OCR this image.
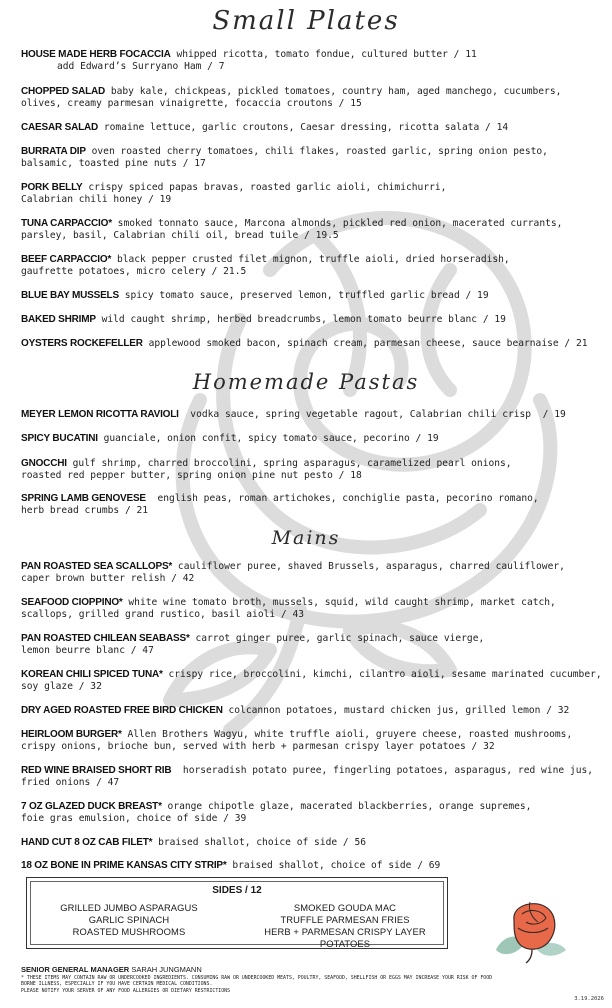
Small Plates
HOUSE MADE HERB FOCACCIA whipped ricotta, tomato fondue, cultured butter / 11
add Edward’s Surryano Ham / 7
CHOPPED SALAD baby kale, chickpeas, pickled tomatoes, country ham, aged manchego, cucumbers,
olives, creamy parmesan vinaigrette, focaccia croutons / 15
CAESAR SALAD romaine lettuce, garlic croutons, Caesar dressing, ricotta salata / 14
BURRATA DIP oven roasted cherry tomatoes, chili flakes, roasted garlic, spring onion pesto,
balsamic, toasted pine nuts / 17
PORK BELLY crispy spiced papas bravas, roasted garlic aioli, chimichurri,
Calabrian chili honey / 19
TUNA CARPACCIO* smoked tonnato sauce, Marcona almonds, pickled red onion, macerated currants,
parsley, basil, Calabrian chili oil, bread tuile / 19.5
BEEF CARPACCIO* black pepper crusted filet mignon, truffle aioli, dried horseradish,
gaufrette potatoes, micro celery / 21.5
BLUE BAY MUSSELS spicy tomato sauce, preserved lemon, truffled garlic bread / 19
BAKED SHRIMP wild caught shrimp, herbed breadcrumbs, lemon tomato beurre blanc / 19
OYSTERS ROCKEFELLER applewood smoked bacon, spinach cream, parmesan cheese, sauce bearnaise / 21
Homemade Pastas
MEYER LEMON RICOTTA RAVIOLI  vodka sauce, spring vegetable ragout, Calabrian chili crisp  / 19
SPICY BUCATINI guanciale, onion confit, spicy tomato sauce, pecorino / 19
GNOCCHI gulf shrimp, charred broccolini, spring asparagus, caramelized pearl onions,
roasted red pepper butter, spring onion pine nut pesto / 18
SPRING LAMB GENOVESE  english peas, roman artichokes, conchiglie pasta, pecorino romano,
herb bread crumbs / 21
Mains
PAN ROASTED SEA SCALLOPS* cauliflower puree, shaved Brussels, asparagus, charred cauliflower,
caper brown butter relish / 42
SEAFOOD CIOPPINO* white wine tomato broth, mussels, squid, wild caught shrimp, market catch,
scallops, grilled grand rustico, basil aioli / 43
PAN ROASTED CHILEAN SEABASS* carrot ginger puree, garlic spinach, sauce vierge,
lemon beurre blanc / 47
KOREAN CHILI SPICED TUNA* crispy rice, broccolini, kimchi, cilantro aioli, sesame marinated cucumber,
soy glaze / 32
DRY AGED ROASTED FREE BIRD CHICKEN colcannon potatoes, mustard chicken jus, grilled lemon / 32
HEIRLOOM BURGER* Allen Brothers Wagyu, white truffle aioli, gruyere cheese, roasted mushrooms,
crispy onions, brioche bun, served with herb + parmesan crispy layer potatoes / 32
RED WINE BRAISED SHORT RIB  horseradish potato puree, fingerling potatoes, asparagus, red wine jus,
fried onions / 47
7 OZ GLAZED DUCK BREAST* orange chipotle glaze, macerated blackberries, orange supremes,
foie gras emulsion, choice of side / 39
HAND CUT 8 OZ CAB FILET* braised shallot, choice of side / 56
18 OZ BONE IN PRIME KANSAS CITY STRIP* braised shallot, choice of side / 69
SIDES / 12
GRILLED JUMBO ASPARAGUS
GARLIC SPINACH
ROASTED MUSHROOMS
SMOKED GOUDA MAC
TRUFFLE PARMESAN FRIES
HERB + PARMESAN CRISPY LAYER POTATOES
SENIOR GENERAL MANAGER SARAH JUNGMANN
* THESE ITEMS MAY CONTAIN RAW OR UNDERCOOKED INGREDIENTS. CONSUMING RAW OR UNDERCOOKED MEATS, POULTRY, SEAFOOD, SHELLFISH OR EGGS MAY INCREASE YOUR RISK OF FOOD
BORNE ILLNESS, ESPECIALLY IF YOU HAVE CERTAIN MEDICAL CONDITIONS.
PLEASE NOTIFY YOUR SERVER OF ANY FOOD ALLERGIES OR DIETARY RESTRICTIONS
3.19.2026
